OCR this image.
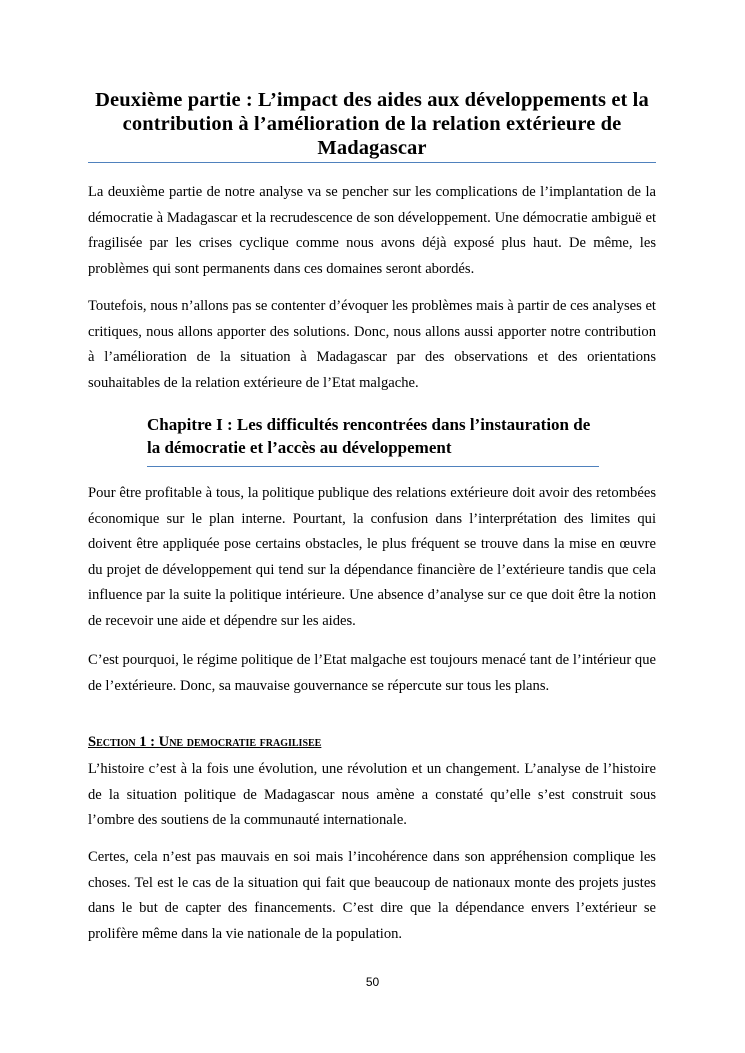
Deuxième partie : L’impact des aides aux développements et la contribution à l’amélioration de la relation extérieure de Madagascar

La deuxième partie de notre analyse va se pencher sur les complications de l’implantation de la démocratie à Madagascar et la recrudescence de son développement. Une démocratie ambiguë et fragilisée par les crises cyclique comme nous avons déjà exposé plus haut. De même, les problèmes qui sont permanents dans ces domaines seront abordés.

Toutefois, nous n’allons pas se contenter d’évoquer les problèmes mais à partir de ces analyses et critiques, nous allons apporter des solutions. Donc, nous allons aussi apporter notre contribution à l’amélioration de la situation à Madagascar par des observations et des orientations souhaitables de la relation extérieure de l’Etat malgache.

Chapitre I : Les difficultés rencontrées dans l’instauration de la démocratie et l’accès au développement

Pour être profitable à tous, la politique publique des relations extérieure doit avoir des retombées économique sur le plan interne. Pourtant, la confusion dans l’interprétation des limites qui doivent être appliquée pose certains obstacles, le plus fréquent se trouve dans la mise en œuvre du projet de développement qui tend sur la dépendance financière de l’extérieure tandis que cela influence par la suite la politique intérieure. Une absence d’analyse sur ce que doit être la notion de recevoir une aide et dépendre sur les aides.

C’est pourquoi, le régime politique de l’Etat malgache est toujours menacé tant de l’intérieur que de l’extérieure. Donc, sa mauvaise gouvernance se répercute sur tous les plans.

Section 1 : Une democratie fragilisee

L’histoire c’est à la fois une évolution, une révolution et un changement. L’analyse de l’histoire de la situation politique de Madagascar nous amène a constaté qu’elle s’est construit sous l’ombre des soutiens de la communauté internationale.

Certes, cela n’est pas mauvais en soi mais l’incohérence dans son appréhension complique les choses. Tel est le cas de la situation qui fait que beaucoup de nationaux monte des projets justes dans le but de capter des financements. C’est dire que la dépendance envers l’extérieur se prolifère même dans la vie nationale de la population.

50
